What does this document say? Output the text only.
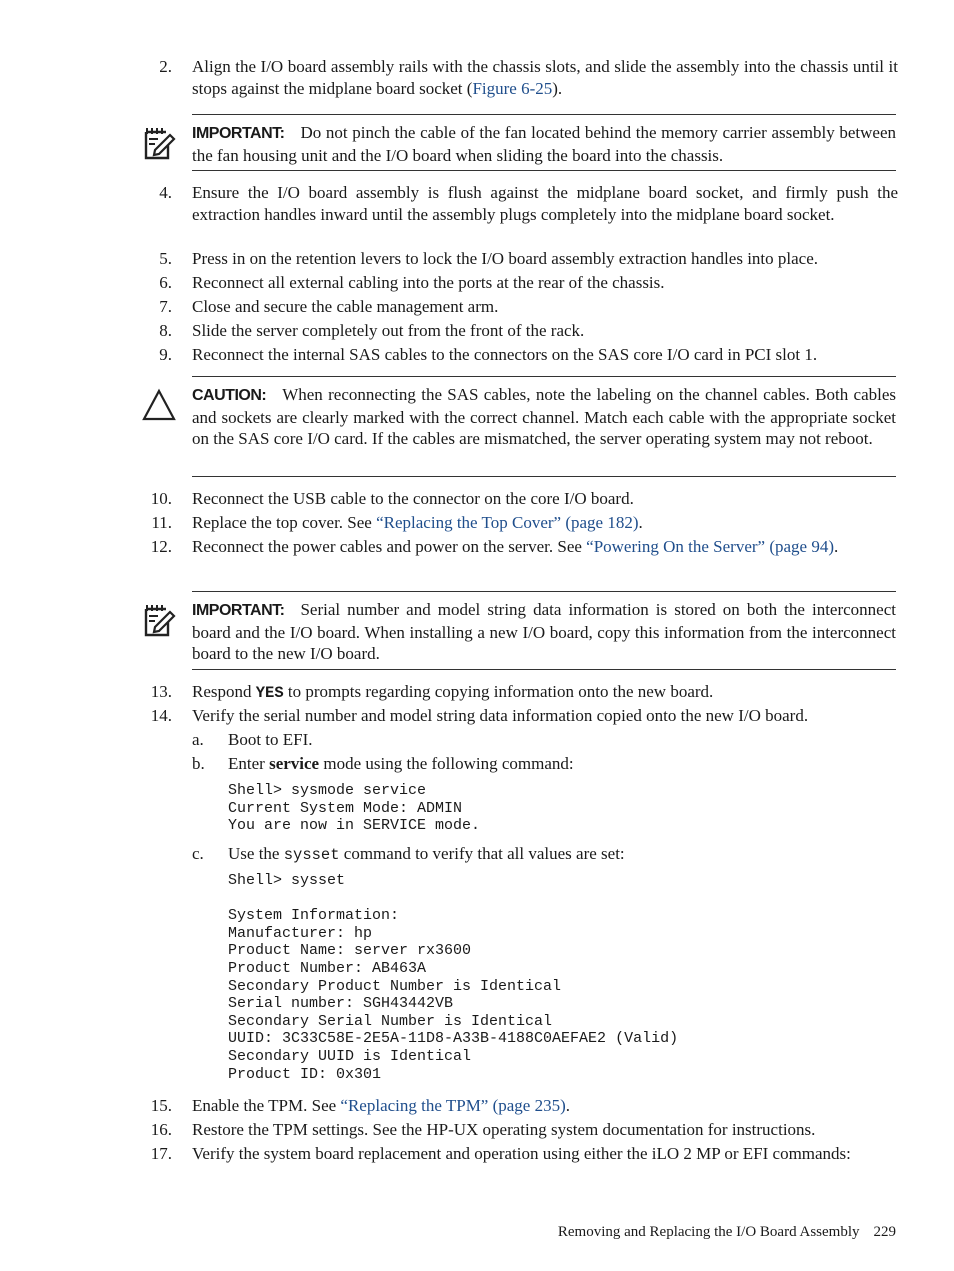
2. Align the I/O board assembly rails with the chassis slots, and slide the assembly into the chassis until it stops against the midplane board socket (Figure 6-25).
IMPORTANT: Do not pinch the cable of the fan located behind the memory carrier assembly between the fan housing unit and the I/O board when sliding the board into the chassis.
4. Ensure the I/O board assembly is flush against the midplane board socket, and firmly push the extraction handles inward until the assembly plugs completely into the midplane board socket.
5. Press in on the retention levers to lock the I/O board assembly extraction handles into place.
6. Reconnect all external cabling into the ports at the rear of the chassis.
7. Close and secure the cable management arm.
8. Slide the server completely out from the front of the rack.
9. Reconnect the internal SAS cables to the connectors on the SAS core I/O card in PCI slot 1.
CAUTION: When reconnecting the SAS cables, note the labeling on the channel cables. Both cables and sockets are clearly marked with the correct channel. Match each cable with the appropriate socket on the SAS core I/O card. If the cables are mismatched, the server operating system may not reboot.
10. Reconnect the USB cable to the connector on the core I/O board.
11. Replace the top cover. See “Replacing the Top Cover” (page 182).
12. Reconnect the power cables and power on the server. See “Powering On the Server” (page 94).
IMPORTANT: Serial number and model string data information is stored on both the interconnect board and the I/O board. When installing a new I/O board, copy this information from the interconnect board to the new I/O board.
13. Respond YES to prompts regarding copying information onto the new board.
14. Verify the serial number and model string data information copied onto the new I/O board.
a. Boot to EFI.
b. Enter service mode using the following command:
Shell> sysmode service
Current System Mode: ADMIN
You are now in SERVICE mode.
c. Use the sysset command to verify that all values are set:
Shell> sysset

System Information:
Manufacturer: hp
Product Name: server rx3600
Product Number: AB463A
Secondary Product Number is Identical
Serial number: SGH43442VB
Secondary Serial Number is Identical
UUID: 3C33C58E-2E5A-11D8-A33B-4188C0AEFAE2 (Valid)
Secondary UUID is Identical
Product ID: 0x301
15. Enable the TPM. See “Replacing the TPM” (page 235).
16. Restore the TPM settings. See the HP-UX operating system documentation for instructions.
17. Verify the system board replacement and operation using either the iLO 2 MP or EFI commands:
Removing and Replacing the I/O Board Assembly 229
